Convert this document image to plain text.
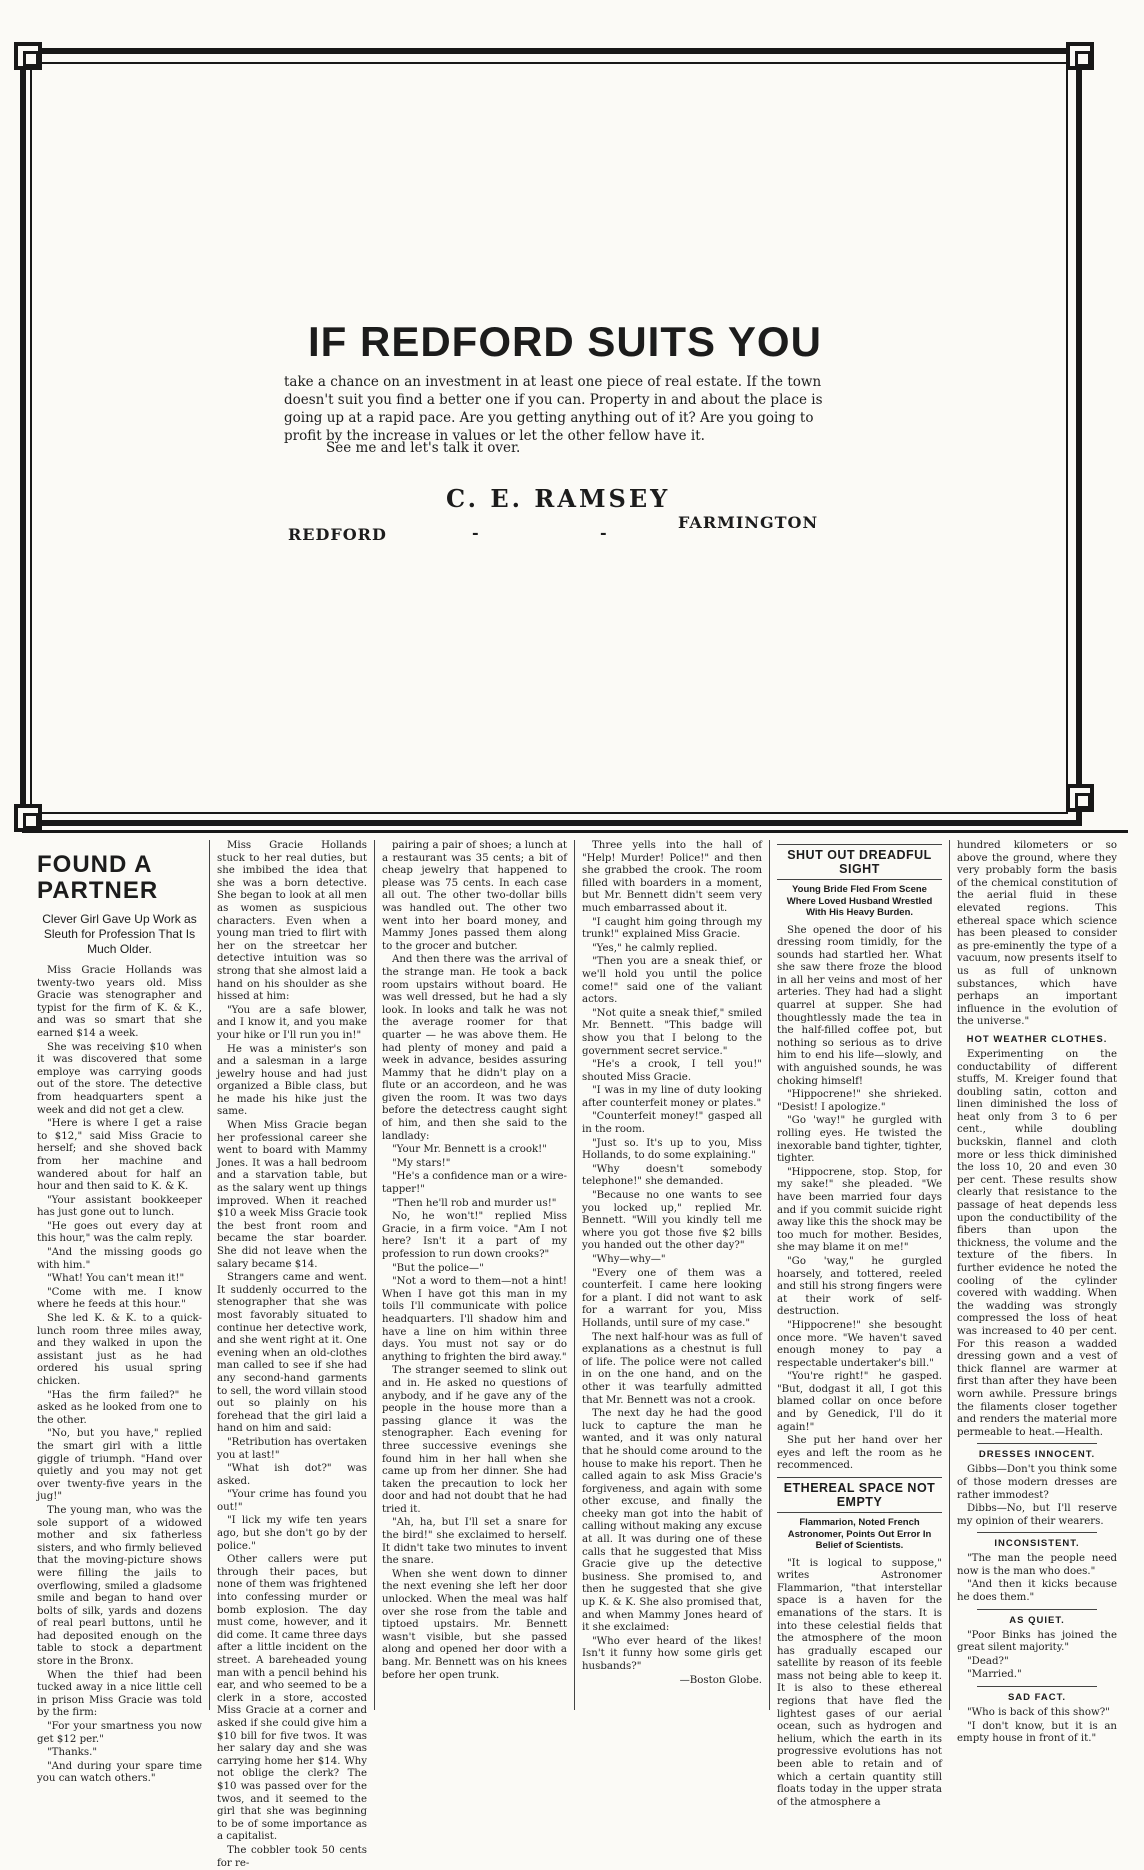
IF REDFORD SUITS YOU

take a chance on an investment in at least one piece of real estate. If the town doesn't suit you find a better one if you can. Property in and about the place is going up at a rapid pace. Are you getting anything out of it? Are you going to profit by the increase in values or let the other fellow have it.

See me and let's talk it over.

C. E. RAMSEY

REDFORD	-	-

FARMINGTON

FOUND A PARTNER
Clever Girl Gave Up Work as Sleuth for Profession That Is Much Older.

Miss Gracie Hollands was twenty-two years old. Miss Gracie was stenographer and typist for the firm of K. & K., and was so smart that she earned $14 a week.

She was receiving $10 when it was discovered that some employe was carrying goods out of the store. The detective from headquarters spent a week and did not get a clew.

"Here is where I get a raise to $12," said Miss Gracie to herself; and she shoved back from her machine and wandered about for half an hour and then said to K. & K.

"Your assistant bookkeeper has just gone out to lunch.

"He goes out every day at this hour," was the calm reply.

"And the missing goods go with him."

"What! You can't mean it!"

"Come with me. I know where he feeds at this hour."

She led K. & K. to a quick-lunch room three miles away, and they walked in upon the assistant just as he had ordered his usual spring chicken.

"Has the firm failed?" he asked as he looked from one to the other.

"No, but you have," replied the smart girl with a little giggle of triumph. "Hand over quietly and you may not get over twenty-five years in the jug!"

The young man, who was the sole support of a widowed mother and six fatherless sisters, and who firmly believed that the moving-picture shows were filling the jails to overflowing, smiled a gladsome smile and began to hand over bolts of silk, yards and dozens of real pearl buttons, until he had deposited enough on the table to stock a department store in the Bronx.

When the thief had been tucked away in a nice little cell in prison Miss Gracie was told by the firm:

"For your smartness you now get $12 per."

"Thanks."

"And during your spare time you can watch others."

Miss Gracie Hollands stuck to her real duties, but she imbibed the idea that she was a born detective. She began to look at all men as women as suspicious characters. Even when a young man tried to flirt with her on the streetcar her detective intuition was so strong that she almost laid a hand on his shoulder as she hissed at him:

"You are a safe blower, and I know it, and you make your hike or I'll run you in!"

He was a minister's son and a salesman in a large jewelry house and had just organized a Bible class, but he made his hike just the same.

When Miss Gracie began her professional career she went to board with Mammy Jones. It was a hall bedroom and a starvation table, but as the salary went up things improved. When it reached $10 a week Miss Gracie took the best front room and became the star boarder. She did not leave when the salary became $14.

Strangers came and went. It suddenly occurred to the stenographer that she was most favorably situated to continue her detective work, and she went right at it. One evening when an old-clothes man called to see if she had any second-hand garments to sell, the word villain stood out so plainly on his forehead that the girl laid a hand on him and said:

"Retribution has overtaken you at last!"

"What ish dot?" was asked.

"Your crime has found you out!"

"I lick my wife ten years ago, but she don't go by der police."

Other callers were put through their paces, but none of them was frightened into confessing murder or bomb explosion. The day must come, however, and it did come. It came three days after a little incident on the street. A bareheaded young man with a pencil behind his ear, and who seemed to be a clerk in a store, accosted Miss Gracie at a corner and asked if she could give him a $10 bill for five twos. It was her salary day and she was carrying home her $14. Why not oblige the clerk? The $10 was passed over for the twos, and it seemed to the girl that she was beginning to be of some importance as a capitalist.

The cobbler took 50 cents for re-

pairing a pair of shoes; a lunch at a restaurant was 35 cents; a bit of cheap jewelry that happened to please was 75 cents. In each case all out. The other two-dollar bills was handled out. The other two went into her board money, and Mammy Jones passed them along to the grocer and butcher.

And then there was the arrival of the strange man. He took a back room upstairs without board. He was well dressed, but he had a sly look. In looks and talk he was not the average roomer for that quarter — he was above them. He had plenty of money and paid a week in advance, besides assuring Mammy that he didn't play on a flute or an accordeon, and he was given the room. It was two days before the detectress caught sight of him, and then she said to the landlady:

"Your Mr. Bennett is a crook!"

"My stars!"

"He's a confidence man or a wire-tapper!"

"Then he'll rob and murder us!"

No, he won't!" replied Miss Gracie, in a firm voice. "Am I not here? Isn't it a part of my profession to run down crooks?"

"But the police—"

"Not a word to them—not a hint! When I have got this man in my toils I'll communicate with police headquarters. I'll shadow him and have a line on him within three days. You must not say or do anything to frighten the bird away."

The stranger seemed to slink out and in. He asked no questions of anybody, and if he gave any of the people in the house more than a passing glance it was the stenographer. Each evening for three successive evenings she found him in her hall when she came up from her dinner. She had taken the precaution to lock her door and had not doubt that he had tried it.

"Ah, ha, but I'll set a snare for the bird!" she exclaimed to herself. It didn't take two minutes to invent the snare.

When she went down to dinner the next evening she left her door unlocked. When the meal was half over she rose from the table and tiptoed upstairs. Mr. Bennett wasn't visible, but she passed along and opened her door with a bang. Mr. Bennett was on his knees before her open trunk.

Three yells into the hall of "Help! Murder! Police!" and then she grabbed the crook. The room filled with boarders in a moment, but Mr. Bennett didn't seem very much embarrassed about it.

"I caught him going through my trunk!" explained Miss Gracie.

"Yes," he calmly replied.

"Then you are a sneak thief, or we'll hold you until the police come!" said one of the valiant actors.

"Not quite a sneak thief," smiled Mr. Bennett. "This badge will show you that I belong to the government secret service."

"He's a crook, I tell you!" shouted Miss Gracie.

"I was in my line of duty looking after counterfeit money or plates."

"Counterfeit money!" gasped all in the room.

"Just so. It's up to you, Miss Hollands, to do some explaining."

"Why doesn't somebody telephone!" she demanded.

"Because no one wants to see you locked up," replied Mr. Bennett. "Will you kindly tell me where you got those five $2 bills you handed out the other day?"

"Why—why—"

"Every one of them was a counterfeit. I came here looking for a plant. I did not want to ask for a warrant for you, Miss Hollands, until sure of my case."

The next half-hour was as full of explanations as a chestnut is full of life. The police were not called in on the one hand, and on the other it was tearfully admitted that Mr. Bennett was not a crook.

The next day he had the good luck to capture the man he wanted, and it was only natural that he should come around to the house to make his report. Then he called again to ask Miss Gracie's forgiveness, and again with some other excuse, and finally the cheeky man got into the habit of calling without making any excuse at all. It was during one of these calls that he suggested that Miss Gracie give up the detective business. She promised to, and then he suggested that she give up K. & K. She also promised that, and when Mammy Jones heard of it she exclaimed:

"Who ever heard of the likes! Isn't it funny how some girls get husbands?"

—Boston Globe.

SHUT OUT DREADFUL SIGHT
Young Bride Fled From Scene Where Loved Husband Wrestled With His Heavy Burden.

She opened the door of his dressing room timidly, for the sounds had startled her. What she saw there froze the blood in all her veins and most of her arteries. They had had a slight quarrel at supper. She had thoughtlessly made the tea in the half-filled coffee pot, but nothing so serious as to drive him to end his life—slowly, and with anguished sounds, he was choking himself!

"Hippocrene!" she shrieked. "Desist! I apologize."

"Go 'way!" he gurgled with rolling eyes. He twisted the inexorable band tighter, tighter, tighter.

"Hippocrene, stop. Stop, for my sake!" she pleaded. "We have been married four days and if you commit suicide right away like this the shock may be too much for mother. Besides, she may blame it on me!"

"Go 'way," he gurgled hoarsely, and tottered, reeled and still his strong fingers were at their work of self-destruction.

"Hippocrene!" she besought once more. "We haven't saved enough money to pay a respectable undertaker's bill."

"You're right!" he gasped. "But, dodgast it all, I got this blamed collar on once before and by Genedick, I'll do it again!"

She put her hand over her eyes and left the room as he recommenced.

ETHEREAL SPACE NOT EMPTY
Flammarion, Noted French Astronomer, Points Out Error In Belief of Scientists.

"It is logical to suppose," writes Astronomer Flammarion, "that interstellar space is a haven for the emanations of the stars. It is into these celestial fields that the atmosphere of the moon has gradually escaped our satellite by reason of its feeble mass not being able to keep it. It is also to these ethereal regions that have fled the lightest gases of our aerial ocean, such as hydrogen and helium, which the earth in its progressive evolutions has not been able to retain and of which a certain quantity still floats today in the upper strata of the atmosphere a

hundred kilometers or so above the ground, where they very probably form the basis of the chemical constitution of the aerial fluid in these elevated regions. This ethereal space which science has been pleased to consider as pre-eminently the type of a vacuum, now presents itself to us as full of unknown substances, which have perhaps an important influence in the evolution of the universe."

HOT WEATHER CLOTHES.

Experimenting on the conductability of different stuffs, M. Kreiger found that doubling satin, cotton and linen diminished the loss of heat only from 3 to 6 per cent., while doubling buckskin, flannel and cloth more or less thick diminished the loss 10, 20 and even 30 per cent. These results show clearly that resistance to the passage of heat depends less upon the conductibility of the fibers than upon the thickness, the volume and the texture of the fibers. In further evidence he noted the cooling of the cylinder covered with wadding. When the wadding was strongly compressed the loss of heat was increased to 40 per cent. For this reason a wadded dressing gown and a vest of thick flannel are warmer at first than after they have been worn awhile. Pressure brings the filaments closer together and renders the material more permeable to heat.—Health.

DRESSES INNOCENT.

Gibbs—Don't you think some of those modern dresses are rather immodest?

Dibbs—No, but I'll reserve my opinion of their wearers.

INCONSISTENT.

"The man the people need now is the man who does."

"And then it kicks because he does them."

AS QUIET.

"Poor Binks has joined the great silent majority."

"Dead?"

"Married."

SAD FACT.

"Who is back of this show?"

"I don't know, but it is an empty house in front of it."
